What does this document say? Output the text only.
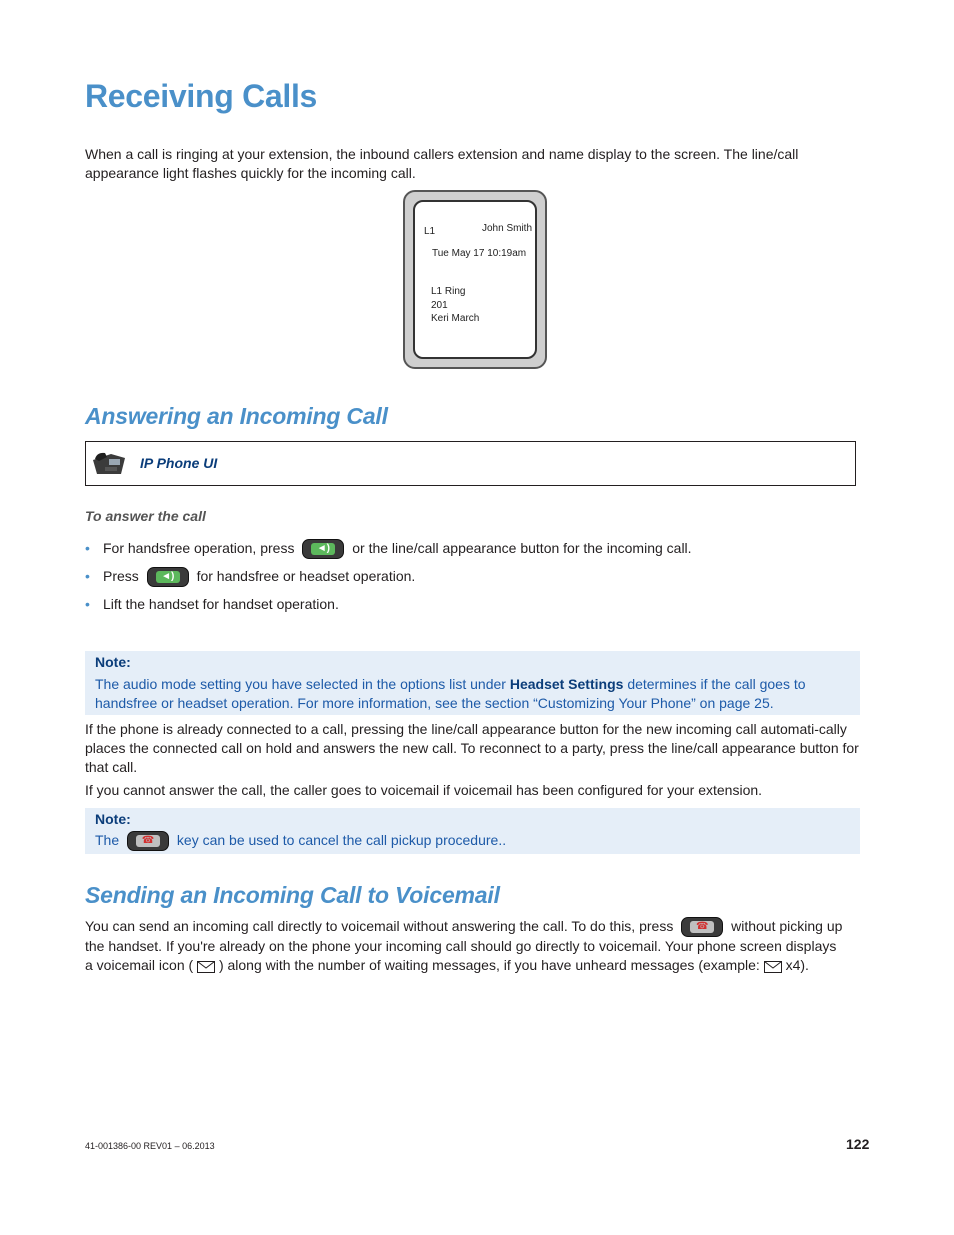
Receiving Calls
When a call is ringing at your extension, the inbound callers extension and name display to the screen. The line/call appearance light flashes quickly for the incoming call.
L1	John Smith
Tue May 17 10:19am
L1 Ring
201
Keri March
Answering an Incoming Call
IP Phone UI
To answer the call
• For handsfree operation, press	◄)	or the line/call appearance button for the incoming call.
• Press	◄)	for handsfree or headset operation.
• Lift the handset for handset operation.
Note:
The audio mode setting you have selected in the options list under Headset Settings determines if the call goes to
handsfree or headset operation. For more information, see the section “Customizing Your Phone” on page 25.
If the phone is already connected to a call, pressing the line/call appearance button for the new incoming call automati-cally places the connected call on hold and answers the new call. To reconnect to a party, press the line/call appearance button for that call.
If you cannot answer the call, the caller goes to voicemail if voicemail has been configured for your extension.
Note:
The	☎	key can be used to cancel the call pickup procedure..
Sending an Incoming Call to Voicemail
You can send an incoming call directly to voicemail without answering the call. To do this, press	☎	without picking up
the handset. If you're already on the phone your incoming call should go directly to voicemail. Your phone screen displays
a voicemail icon ( ) along with the number of waiting messages, if you have unheard messages (example: x4).
41-001386-00 REV01 – 06.2013	122
